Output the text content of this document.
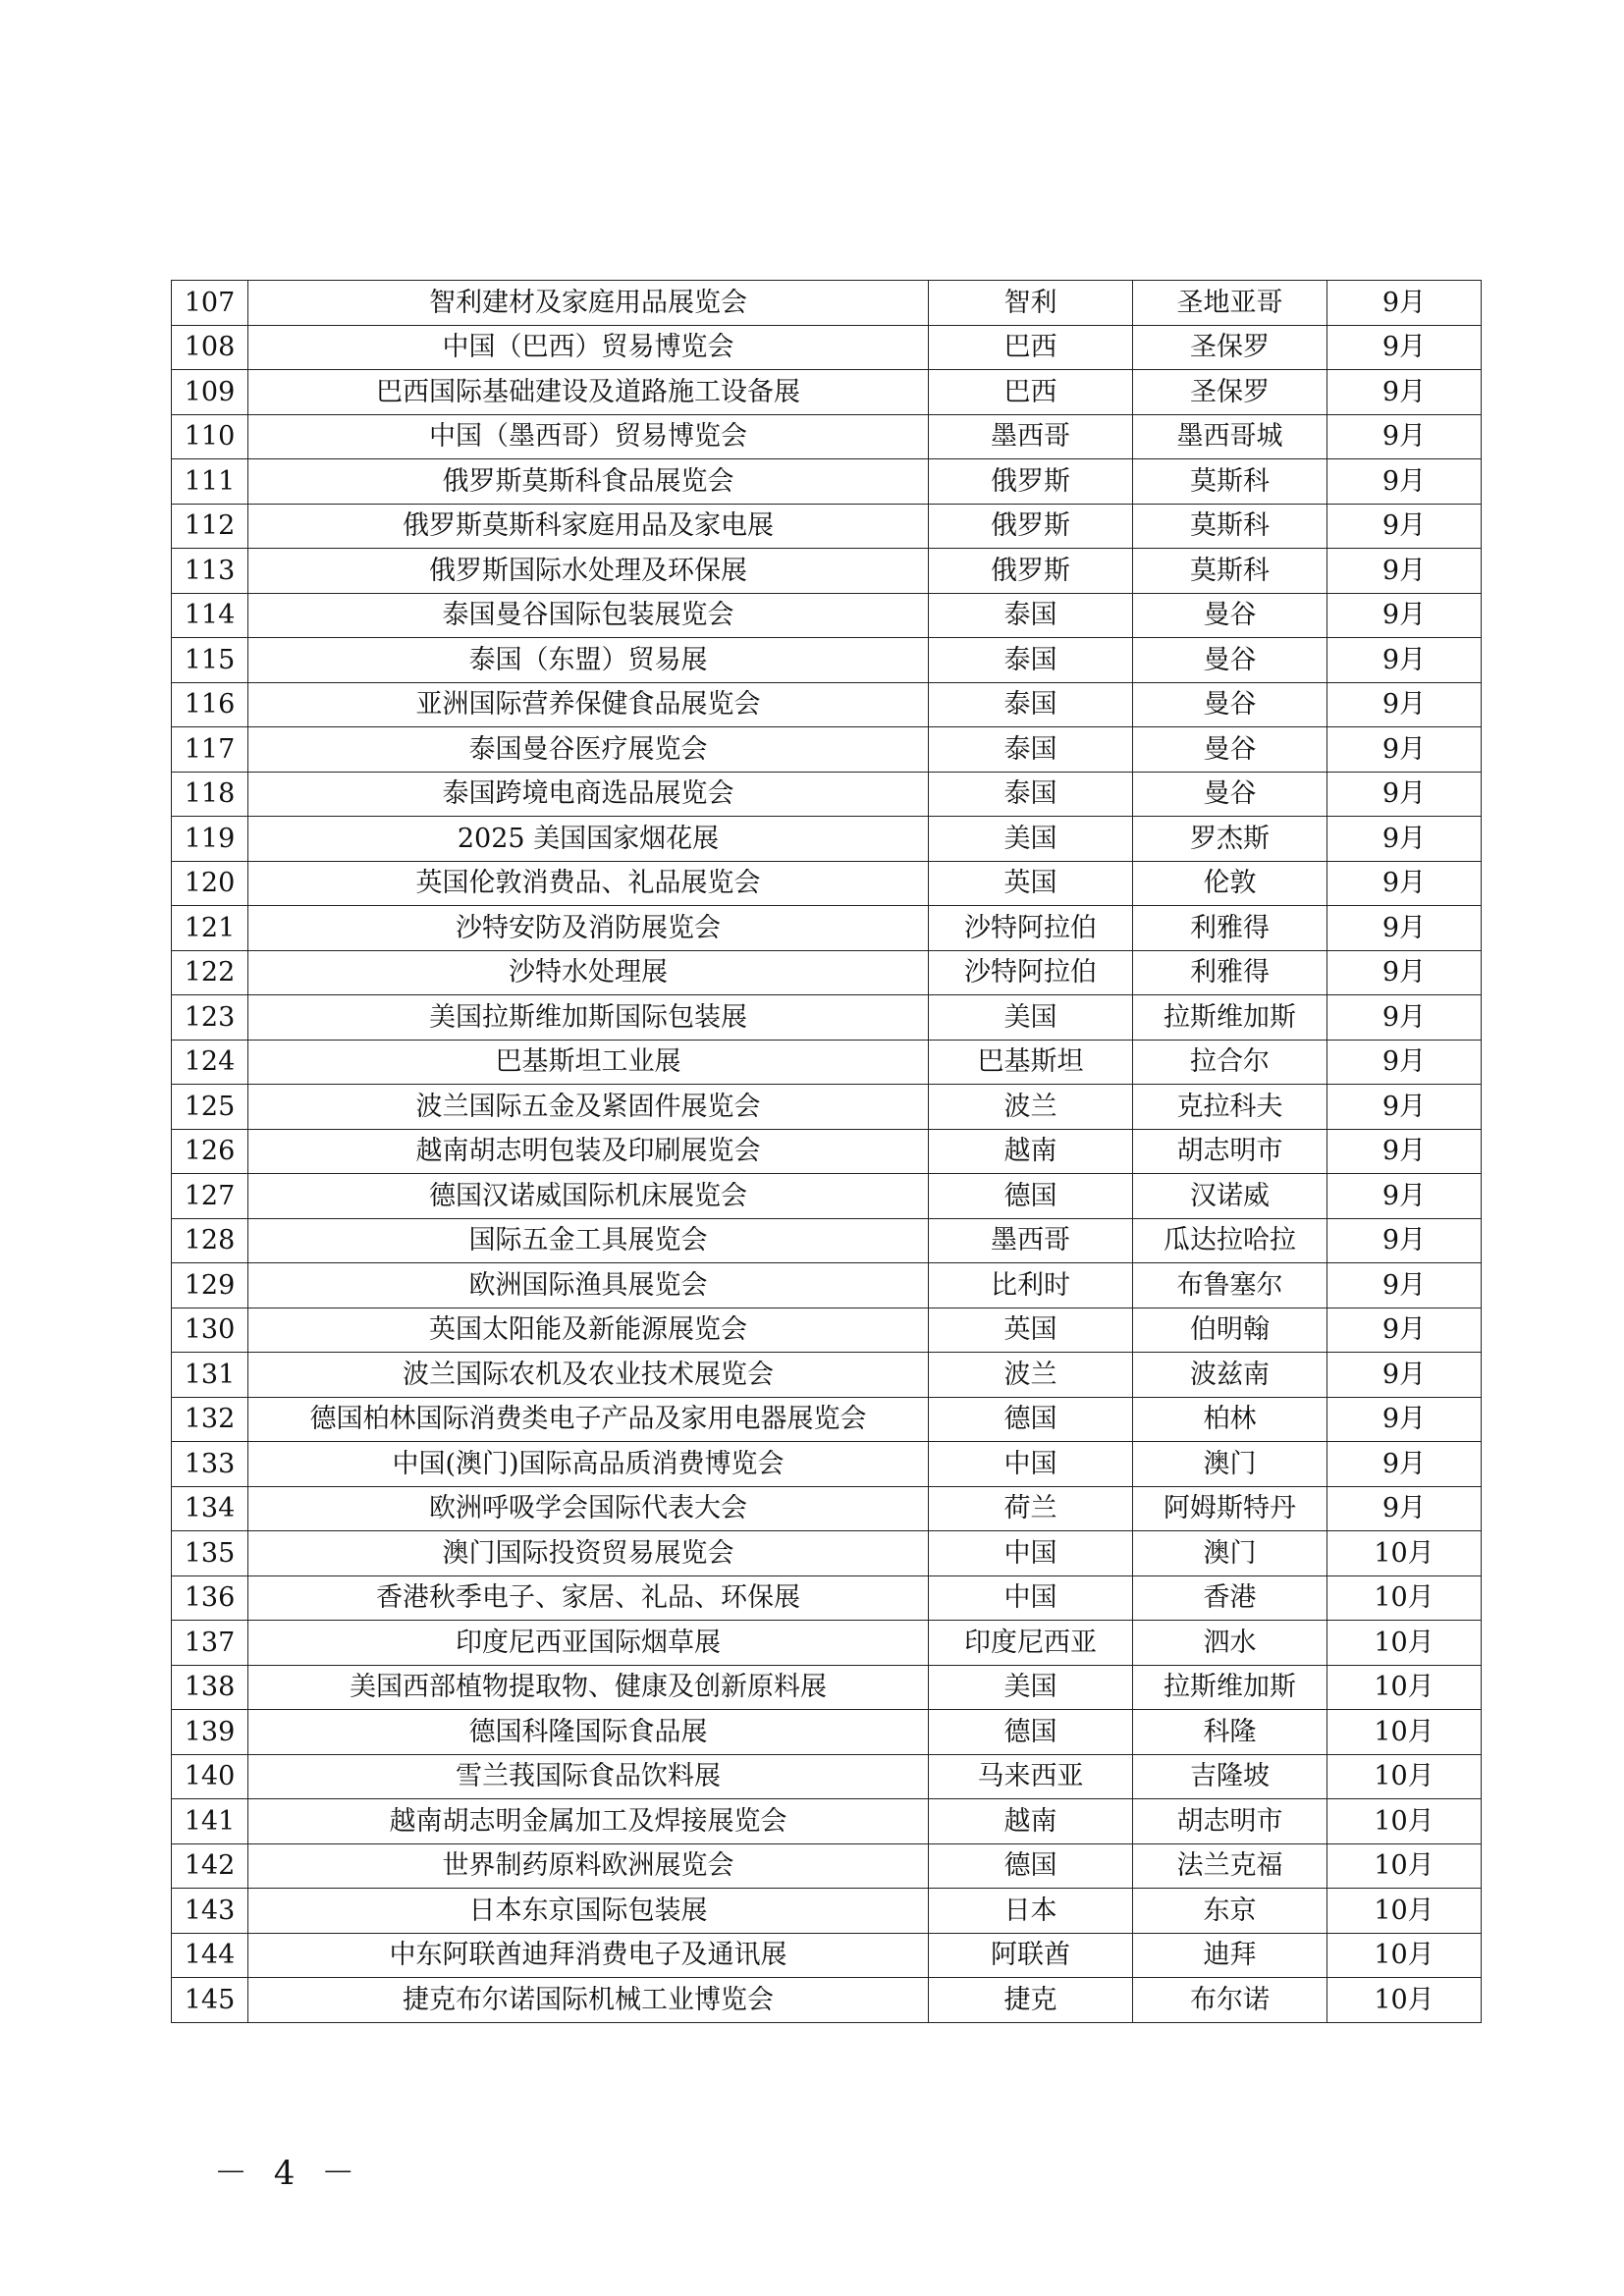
107	智利建材及家庭用品展览会	智利	圣地亚哥	9月
108	中国（巴西）贸易博览会	巴西	圣保罗	9月
109	巴西国际基础建设及道路施工设备展	巴西	圣保罗	9月
110	中国（墨西哥）贸易博览会	墨西哥	墨西哥城	9月
111	俄罗斯莫斯科食品展览会	俄罗斯	莫斯科	9月
112	俄罗斯莫斯科家庭用品及家电展	俄罗斯	莫斯科	9月
113	俄罗斯国际水处理及环保展	俄罗斯	莫斯科	9月
114	泰国曼谷国际包装展览会	泰国	曼谷	9月
115	泰国（东盟）贸易展	泰国	曼谷	9月
116	亚洲国际营养保健食品展览会	泰国	曼谷	9月
117	泰国曼谷医疗展览会	泰国	曼谷	9月
118	泰国跨境电商选品展览会	泰国	曼谷	9月
119	2025 美国国家烟花展	美国	罗杰斯	9月
120	英国伦敦消费品、礼品展览会	英国	伦敦	9月
121	沙特安防及消防展览会	沙特阿拉伯	利雅得	9月
122	沙特水处理展	沙特阿拉伯	利雅得	9月
123	美国拉斯维加斯国际包装展	美国	拉斯维加斯	9月
124	巴基斯坦工业展	巴基斯坦	拉合尔	9月
125	波兰国际五金及紧固件展览会	波兰	克拉科夫	9月
126	越南胡志明包装及印刷展览会	越南	胡志明市	9月
127	德国汉诺威国际机床展览会	德国	汉诺威	9月
128	国际五金工具展览会	墨西哥	瓜达拉哈拉	9月
129	欧洲国际渔具展览会	比利时	布鲁塞尔	9月
130	英国太阳能及新能源展览会	英国	伯明翰	9月
131	波兰国际农机及农业技术展览会	波兰	波兹南	9月
132	德国柏林国际消费类电子产品及家用电器展览会	德国	柏林	9月
133	中国(澳门)国际高品质消费博览会	中国	澳门	9月
134	欧洲呼吸学会国际代表大会	荷兰	阿姆斯特丹	9月
135	澳门国际投资贸易展览会	中国	澳门	10月
136	香港秋季电子、家居、礼品、环保展	中国	香港	10月
137	印度尼西亚国际烟草展	印度尼西亚	泗水	10月
138	美国西部植物提取物、健康及创新原料展	美国	拉斯维加斯	10月
139	德国科隆国际食品展	德国	科隆	10月
140	雪兰莪国际食品饮料展	马来西亚	吉隆坡	10月
141	越南胡志明金属加工及焊接展览会	越南	胡志明市	10月
142	世界制药原料欧洲展览会	德国	法兰克福	10月
143	日本东京国际包装展	日本	东京	10月
144	中东阿联酋迪拜消费电子及通讯展	阿联酋	迪拜	10月
145	捷克布尔诺国际机械工业博览会	捷克	布尔诺	10月
－ 4 －
